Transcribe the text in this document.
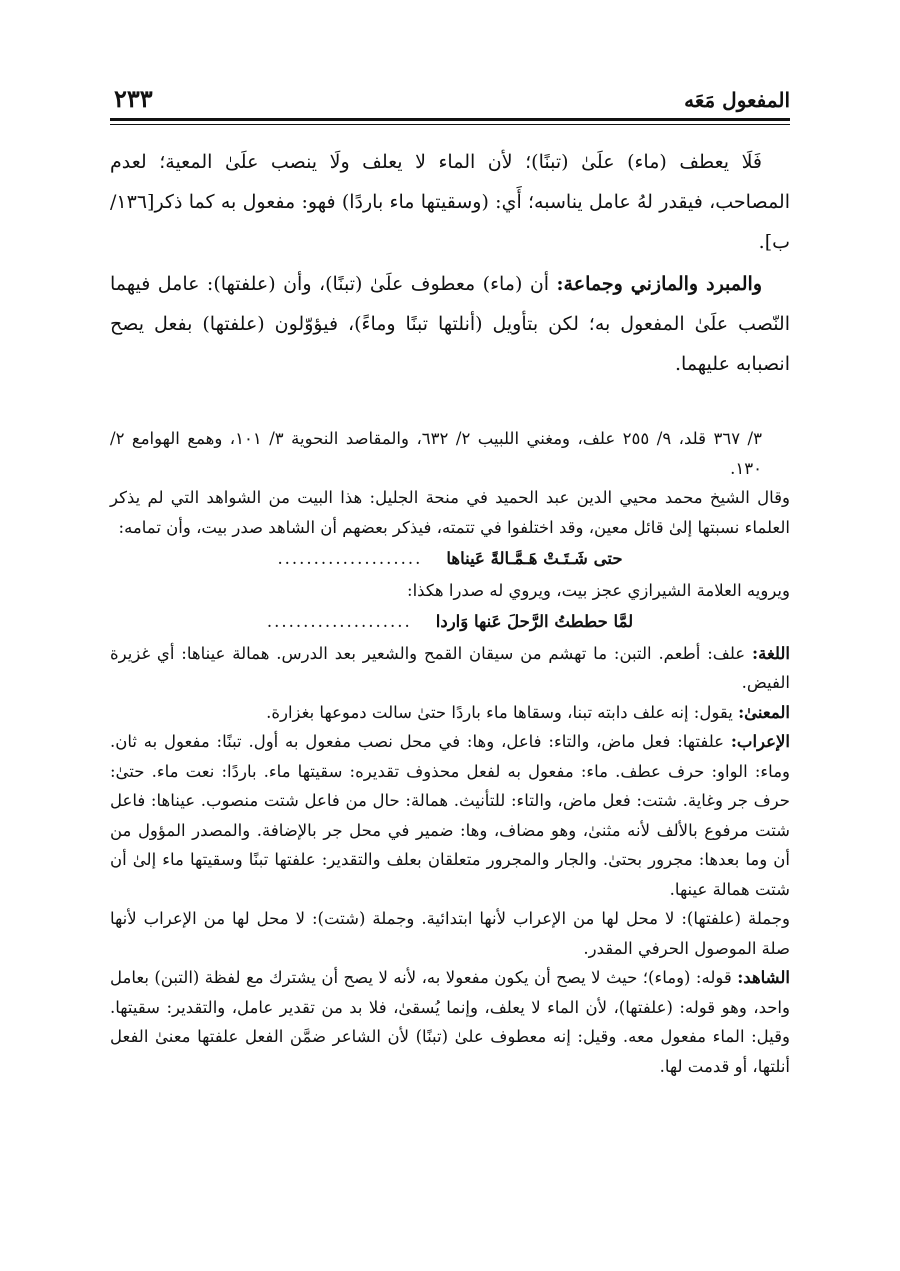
المفعول مَعَه
٢٣٣

فَلَا يعطف (ماء) علَىٰ (تبنًا)؛ لأن الماء لا يعلف ولَا ينصب علَىٰ المعية؛ لعدم المصاحب، فيقدر لهُ عامل يناسبه؛ أَي: (وسقيتها ماء باردًا) فهو: مفعول به كما ذكر[١٣٦/ ب].

والمبرد والمازني وجماعة: أن (ماء) معطوف علَىٰ (تبنًا)، وأن (علفتها): عامل فيهما النّصب علَىٰ المفعول به؛ لكن بتأويل (أنلتها تبنًا وماءً)، فيؤوّلون (علفتها) بفعل يصح انصبابه عليهما.

٣/ ٣٦٧ قلد، ٩/ ٢٥٥ علف، ومغني اللبيب ٢/ ٦٣٢، والمقاصد النحوية ٣/ ١٠١، وهمع الهوامع ٢/ ١٣٠.

وقال الشيخ محمد محيي الدين عبد الحميد في منحة الجليل: هذا البيت من الشواهد التي لم يذكر العلماء نسبتها إلىٰ قائل معين، وقد اختلفوا في تتمته، فيذكر بعضهم أن الشاهد صدر بيت، وأن تمامه:

حتى شَـتَـتْ هَـمَّـالةً عَيناها
....................

ويرويه العلامة الشيرازي عجز بيت، ويروي له صدرا هكذا:

لمَّا حططتُ الرَّحلَ عَنها وَاردا
....................

اللغة: علف: أطعم. التبن: ما تهشم من سيقان القمح والشعير بعد الدرس. همالة عيناها: أي غزيرة الفيض.

المعنىٰ: يقول: إنه علف دابته تبنا، وسقاها ماء باردًا حتىٰ سالت دموعها بغزارة.

الإعراب: علفتها: فعل ماض، والتاء: فاعل، وها: في محل نصب مفعول به أول. تبنًا: مفعول به ثان. وماء: الواو: حرف عطف. ماء: مفعول به لفعل محذوف تقديره: سقيتها ماء. باردًا: نعت ماء. حتىٰ: حرف جر وغاية. شتت: فعل ماض، والتاء: للتأنيث. همالة: حال من فاعل شتت منصوب. عيناها: فاعل شتت مرفوع بالألف لأنه مثنىٰ، وهو مضاف، وها: ضمير في محل جر بالإضافة. والمصدر المؤول من أن وما بعدها: مجرور بحتىٰ. والجار والمجرور متعلقان بعلف والتقدير: علفتها تبنًا وسقيتها ماء إلىٰ أن شتت همالة عينها.

وجملة (علفتها): لا محل لها من الإعراب لأنها ابتدائية. وجملة (شتت): لا محل لها من الإعراب لأنها صلة الموصول الحرفي المقدر.

الشاهد: قوله: (وماء)؛ حيث لا يصح أن يكون مفعولا به، لأنه لا يصح أن يشترك مع لفظة (التبن) بعامل واحد، وهو قوله: (علفتها)، لأن الماء لا يعلف، وإنما يُسقىٰ، فلا بد من تقدير عامل، والتقدير: سقيتها. وقيل: الماء مفعول معه. وقيل: إنه معطوف علىٰ (تبنًا) لأن الشاعر ضمَّن الفعل علفتها معنىٰ الفعل أنلتها، أو قدمت لها.
